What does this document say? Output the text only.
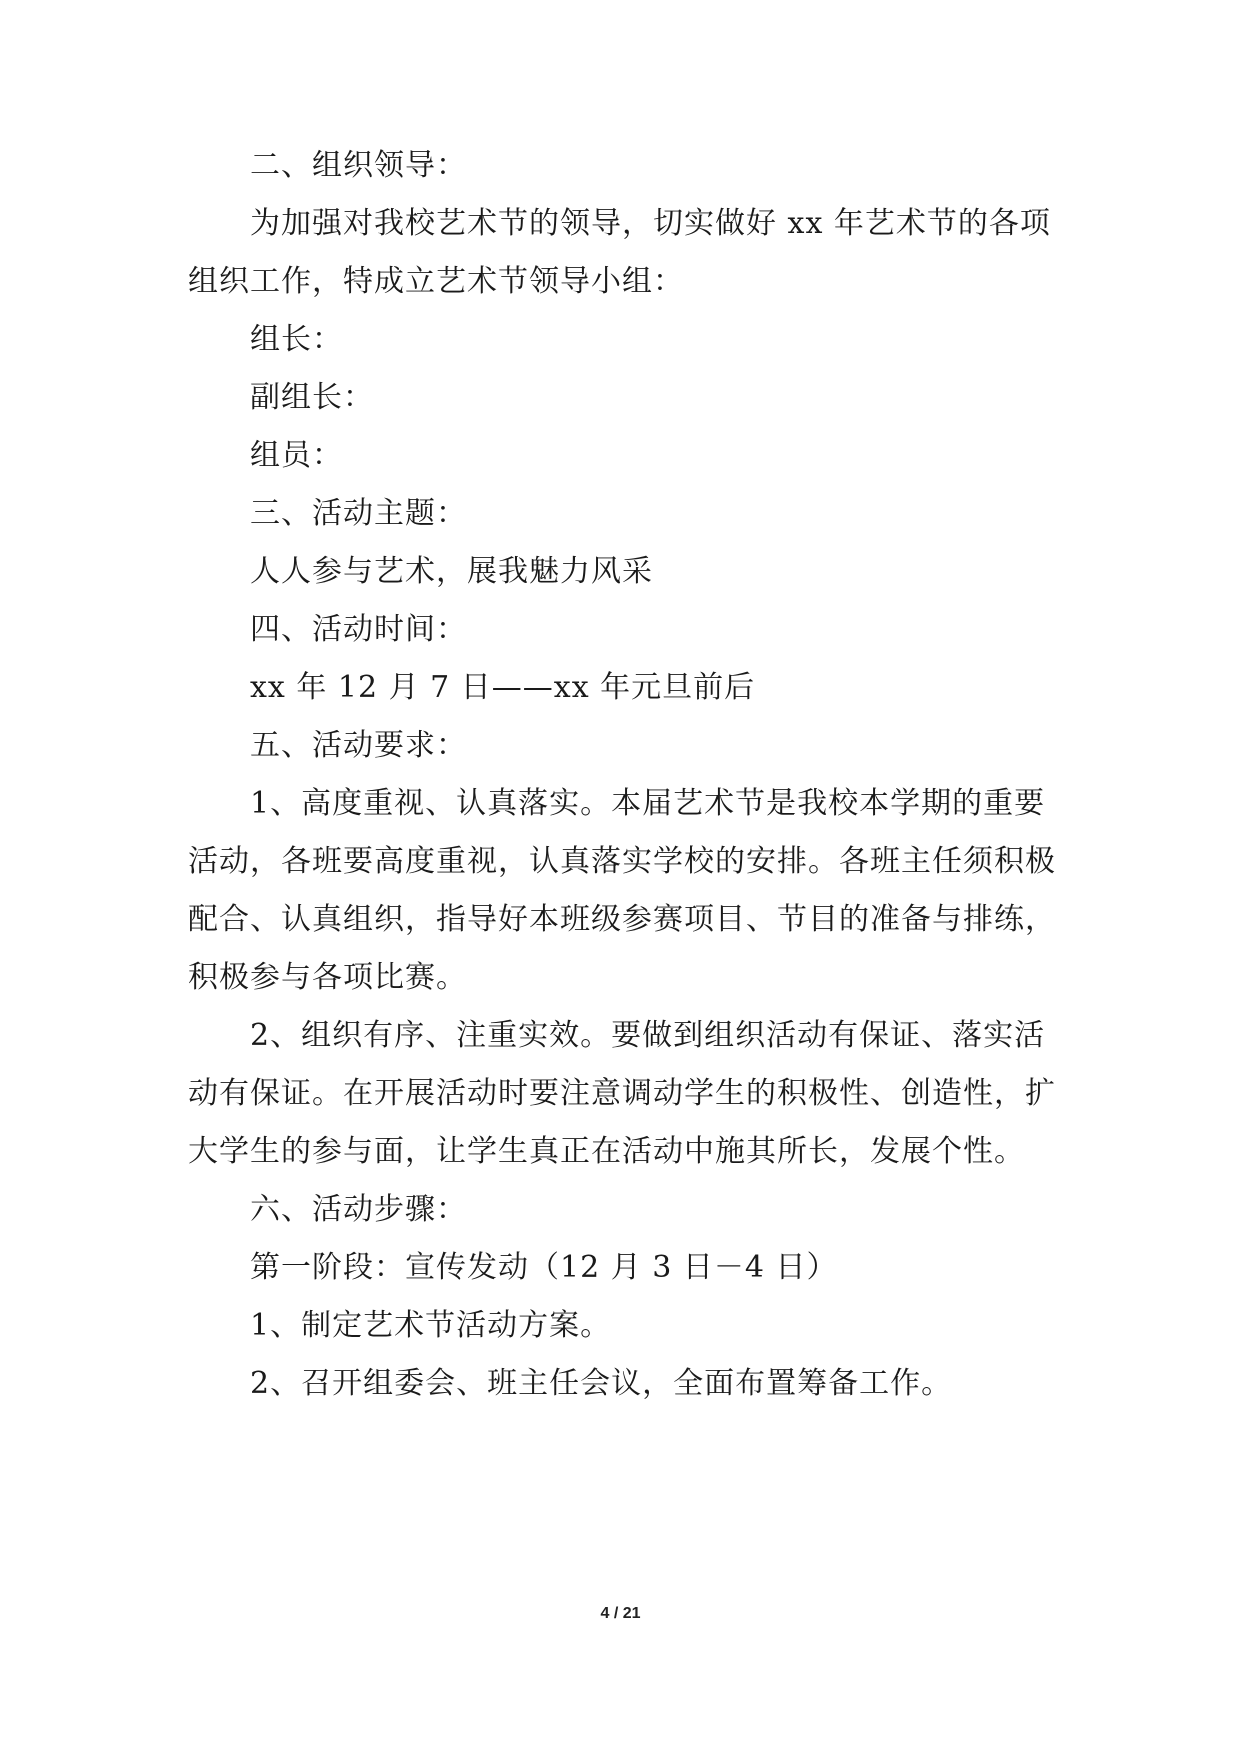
二、组织领导：
为加强对我校艺术节的领导，切实做好 xx 年艺术节的各项
组织工作，特成立艺术节领导小组：
组长：
副组长：
组员：
三、活动主题：
人人参与艺术，展我魅力风采
四、活动时间：
xx 年 12 月 7 日——xx 年元旦前后
五、活动要求：
1、高度重视、认真落实。本届艺术节是我校本学期的重要
活动，各班要高度重视，认真落实学校的安排。各班主任须积极
配合、认真组织，指导好本班级参赛项目、节目的准备与排练，
积极参与各项比赛。
2、组织有序、注重实效。要做到组织活动有保证、落实活
动有保证。在开展活动时要注意调动学生的积极性、创造性，扩
大学生的参与面，让学生真正在活动中施其所长，发展个性。
六、活动步骤：
第一阶段：宣传发动（12 月 3 日－4 日）
1、制定艺术节活动方案。
2、召开组委会、班主任会议，全面布置筹备工作。
4 / 21
